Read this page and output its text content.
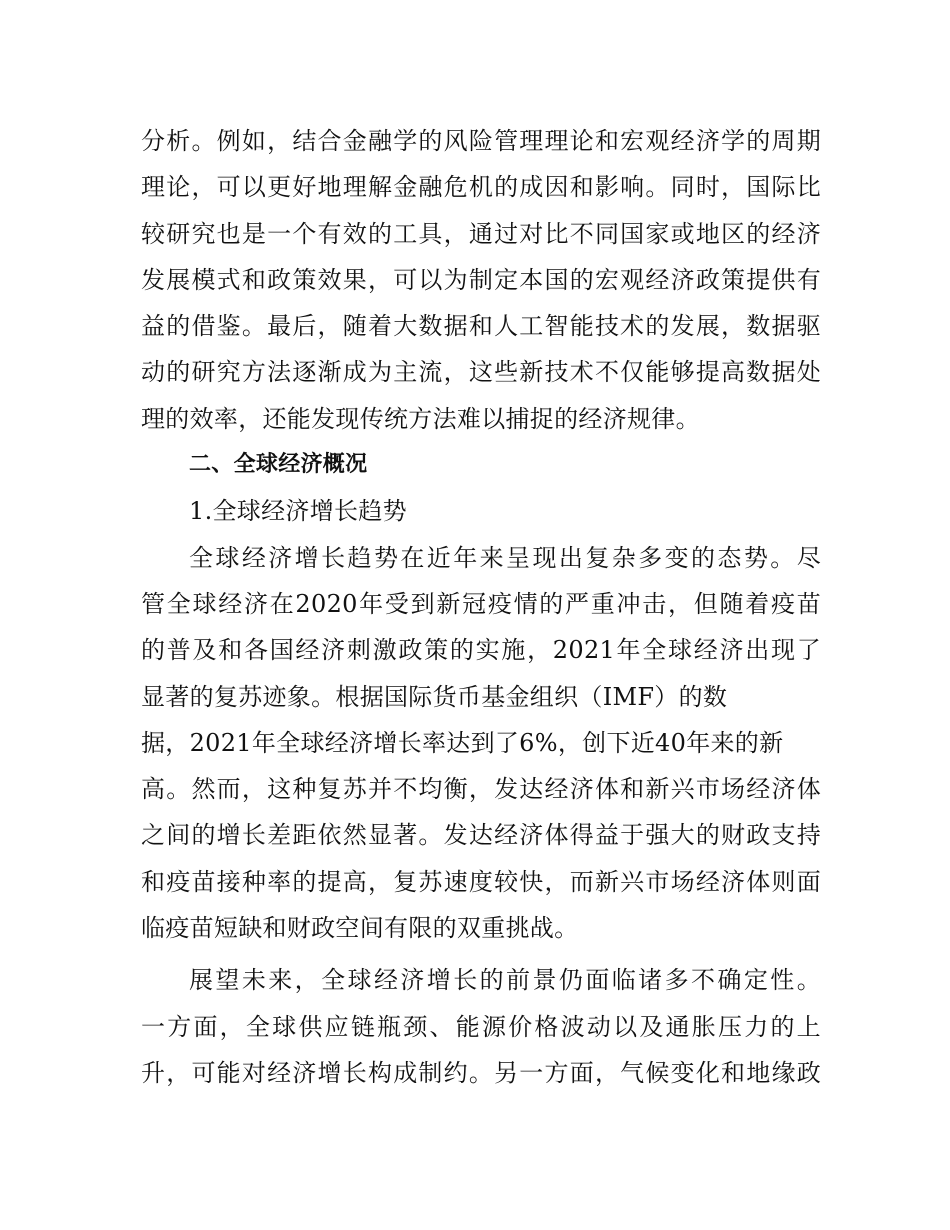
分析。例如，结合金融学的风险管理理论和宏观经济学的周期
理论，可以更好地理解金融危机的成因和影响。同时，国际比
较研究也是一个有效的工具，通过对比不同国家或地区的经济
发展模式和政策效果，可以为制定本国的宏观经济政策提供有
益的借鉴。最后，随着大数据和人工智能技术的发展，数据驱
动的研究方法逐渐成为主流，这些新技术不仅能够提高数据处
理的效率，还能发现传统方法难以捕捉的经济规律。
二、全球经济概况
1.全球经济增长趋势
全球经济增长趋势在近年来呈现出复杂多变的态势。尽
管全球经济在2020年受到新冠疫情的严重冲击，但随着疫苗
的普及和各国经济刺激政策的实施，2021年全球经济出现了
显著的复苏迹象。根据国际货币基金组织（IMF）的数
据，2021年全球经济增长率达到了6%，创下近40年来的新
高。然而，这种复苏并不均衡，发达经济体和新兴市场经济体
之间的增长差距依然显著。发达经济体得益于强大的财政支持
和疫苗接种率的提高，复苏速度较快，而新兴市场经济体则面
临疫苗短缺和财政空间有限的双重挑战。
展望未来，全球经济增长的前景仍面临诸多不确定性。
一方面，全球供应链瓶颈、能源价格波动以及通胀压力的上
升，可能对经济增长构成制约。另一方面，气候变化和地缘政
